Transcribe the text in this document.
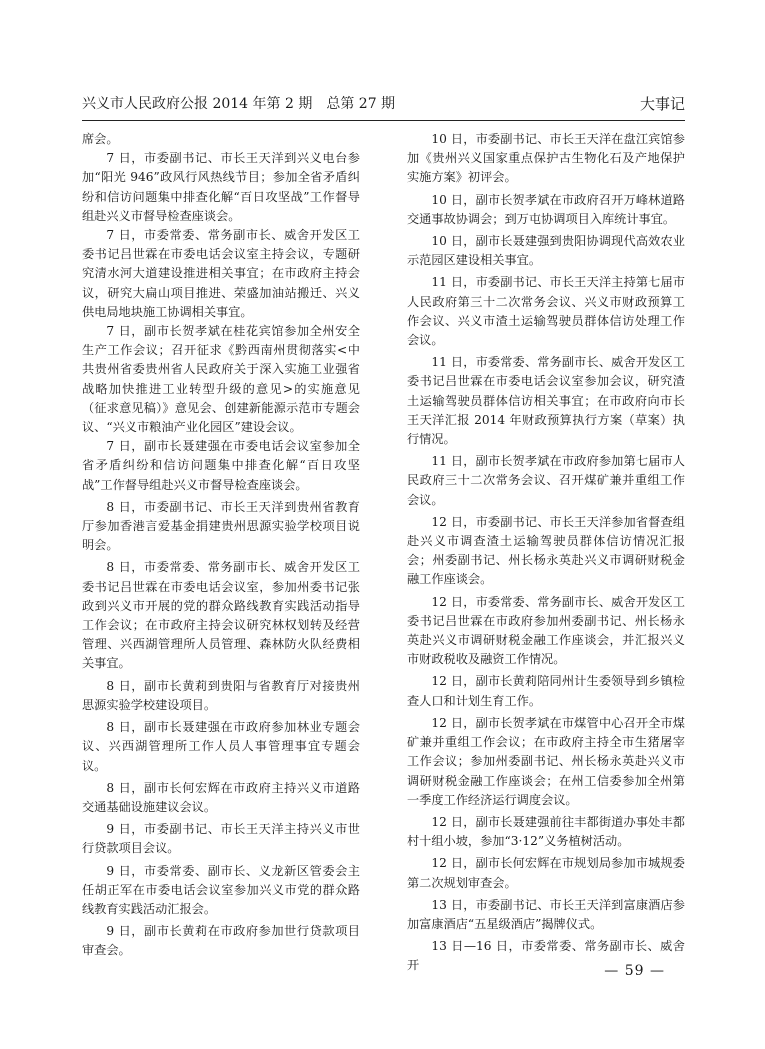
兴义市人民政府公报 2014 年第 2 期　总第 27 期	大事记

席会。

7 日，市委副书记、市长王天洋到兴义电台参加“阳光 946”政风行风热线节目；参加全省矛盾纠纷和信访问题集中排查化解“百日攻坚战”工作督导组赴兴义市督导检查座谈会。

7 日，市委常委、常务副市长、威舍开发区工委书记吕世霖在市委电话会议室主持会议，专题研究清水河大道建设推进相关事宜；在市政府主持会议，研究大扁山项目推进、荣盛加油站搬迁、兴义供电局地块施工协调相关事宜。

7 日，副市长贺孝斌在桂花宾馆参加全州安全生产工作会议；召开征求《黔西南州贯彻落实<中共贵州省委贵州省人民政府关于深入实施工业强省战略加快推进工业转型升级的意见>的实施意见（征求意见稿）》意见会、创建新能源示范市专题会议、“兴义市粮油产业化园区”建设会议。

7 日，副市长聂建强在市委电话会议室参加全省矛盾纠纷和信访问题集中排查化解“百日攻坚战”工作督导组赴兴义市督导检查座谈会。

8 日，市委副书记、市长王天洋到贵州省教育厅参加香港言爱基金捐建贵州思源实验学校项目说明会。

8 日，市委常委、常务副市长、威舍开发区工委书记吕世霖在市委电话会议室，参加州委书记张政到兴义市开展的党的群众路线教育实践活动指导工作会议；在市政府主持会议研究林权划转及经营管理、兴西湖管理所人员管理、森林防火队经费相关事宜。

8 日，副市长黄莉到贵阳与省教育厅对接贵州思源实验学校建设项目。

8 日，副市长聂建强在市政府参加林业专题会议、兴西湖管理所工作人员人事管理事宜专题会议。

8 日，副市长何宏辉在市政府主持兴义市道路交通基础设施建议会议。

9 日，市委副书记、市长王天洋主持兴义市世行贷款项目会议。

9 日，市委常委、副市长、义龙新区管委会主任胡正军在市委电话会议室参加兴义市党的群众路线教育实践活动汇报会。

9 日，副市长黄莉在市政府参加世行贷款项目审查会。

10 日，市委副书记、市长王天洋在盘江宾馆参加《贵州兴义国家重点保护古生物化石及产地保护实施方案》初评会。

10 日，副市长贺孝斌在市政府召开万峰林道路交通事故协调会；到万屯协调项目入库统计事宜。

10 日，副市长聂建强到贵阳协调现代高效农业示范园区建设相关事宜。

11 日，市委副书记、市长王天洋主持第七届市人民政府第三十二次常务会议、兴义市财政预算工作会议、兴义市渣土运输驾驶员群体信访处理工作会议。

11 日，市委常委、常务副市长、威舍开发区工委书记吕世霖在市委电话会议室参加会议，研究渣土运输驾驶员群体信访相关事宜；在市政府向市长王天洋汇报 2014 年财政预算执行方案（草案）执行情况。

11 日，副市长贺孝斌在市政府参加第七届市人民政府三十二次常务会议、召开煤矿兼并重组工作会议。

12 日，市委副书记、市长王天洋参加省督查组赴兴义市调查渣土运输驾驶员群体信访情况汇报会；州委副书记、州长杨永英赴兴义市调研财税金融工作座谈会。

12 日，市委常委、常务副市长、威舍开发区工委书记吕世霖在市政府参加州委副书记、州长杨永英赴兴义市调研财税金融工作座谈会，并汇报兴义市财政税收及融资工作情况。

12 日，副市长黄莉陪同州计生委领导到乡镇检查人口和计划生育工作。

12 日，副市长贺孝斌在市煤管中心召开全市煤矿兼并重组工作会议；在市政府主持全市生猪屠宰工作会议；参加州委副书记、州长杨永英赴兴义市调研财税金融工作座谈会；在州工信委参加全州第一季度工作经济运行调度会议。

12 日，副市长聂建强前往丰都街道办事处丰都村十组小坡，参加“3·12”义务植树活动。

12 日，副市长何宏辉在市规划局参加市城规委第二次规划审查会。

13 日，市委副书记、市长王天洋到富康酒店参加富康酒店“五星级酒店”揭牌仪式。

13 日—16 日，市委常委、常务副市长、威舍开	— 59 —
